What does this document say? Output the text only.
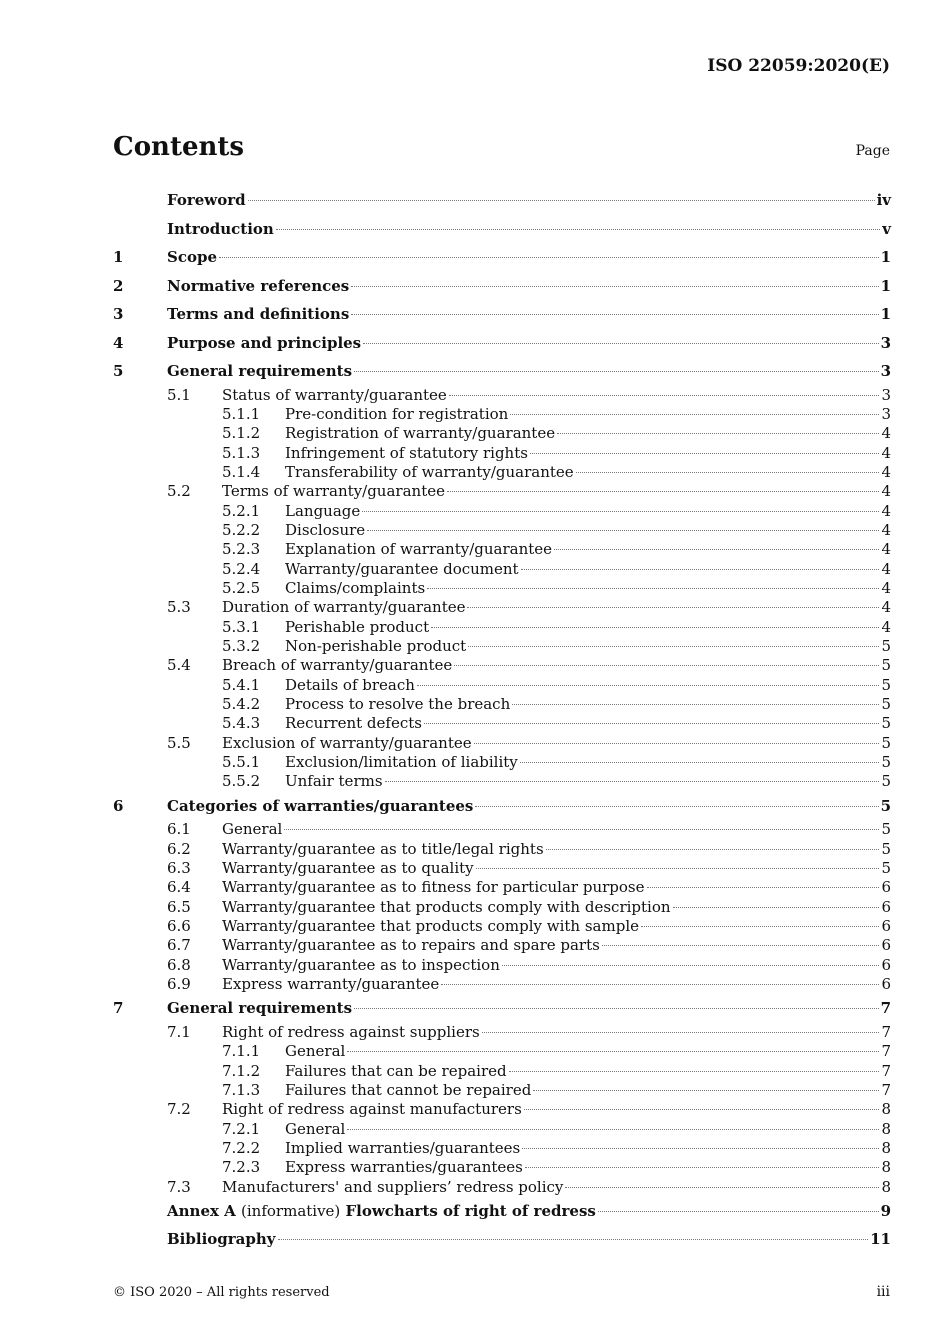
ISO 22059:2020(E)
Contents	Page
Foreword	iv
Introduction	v
1	Scope	1
2	Normative references	1
3	Terms and definitions	1
4	Purpose and principles	3
5	General requirements	3
5.1	Status of warranty/guarantee	3
5.1.1	Pre-condition for registration	3
5.1.2	Registration of warranty/guarantee	4
5.1.3	Infringement of statutory rights	4
5.1.4	Transferability of warranty/guarantee	4
5.2	Terms of warranty/guarantee	4
5.2.1	Language	4
5.2.2	Disclosure	4
5.2.3	Explanation of warranty/guarantee	4
5.2.4	Warranty/guarantee document	4
5.2.5	Claims/complaints	4
5.3	Duration of warranty/guarantee	4
5.3.1	Perishable product	4
5.3.2	Non-perishable product	5
5.4	Breach of warranty/guarantee	5
5.4.1	Details of breach	5
5.4.2	Process to resolve the breach	5
5.4.3	Recurrent defects	5
5.5	Exclusion of warranty/guarantee	5
5.5.1	Exclusion/limitation of liability	5
5.5.2	Unfair terms	5
6	Categories of warranties/guarantees	5
6.1	General	5
6.2	Warranty/guarantee as to title/legal rights	5
6.3	Warranty/guarantee as to quality	5
6.4	Warranty/guarantee as to fitness for particular purpose	6
6.5	Warranty/guarantee that products comply with description	6
6.6	Warranty/guarantee that products comply with sample	6
6.7	Warranty/guarantee as to repairs and spare parts	6
6.8	Warranty/guarantee as to inspection	6
6.9	Express warranty/guarantee	6
7	General requirements	7
7.1	Right of redress against suppliers	7
7.1.1	General	7
7.1.2	Failures that can be repaired	7
7.1.3	Failures that cannot be repaired	7
7.2	Right of redress against manufacturers	8
7.2.1	General	8
7.2.2	Implied warranties/guarantees	8
7.2.3	Express warranties/guarantees	8
7.3	Manufacturers' and suppliers’ redress policy	8
Annex A (informative) Flowcharts of right of redress	9
Bibliography	11
© ISO 2020 – All rights reserved	iii
